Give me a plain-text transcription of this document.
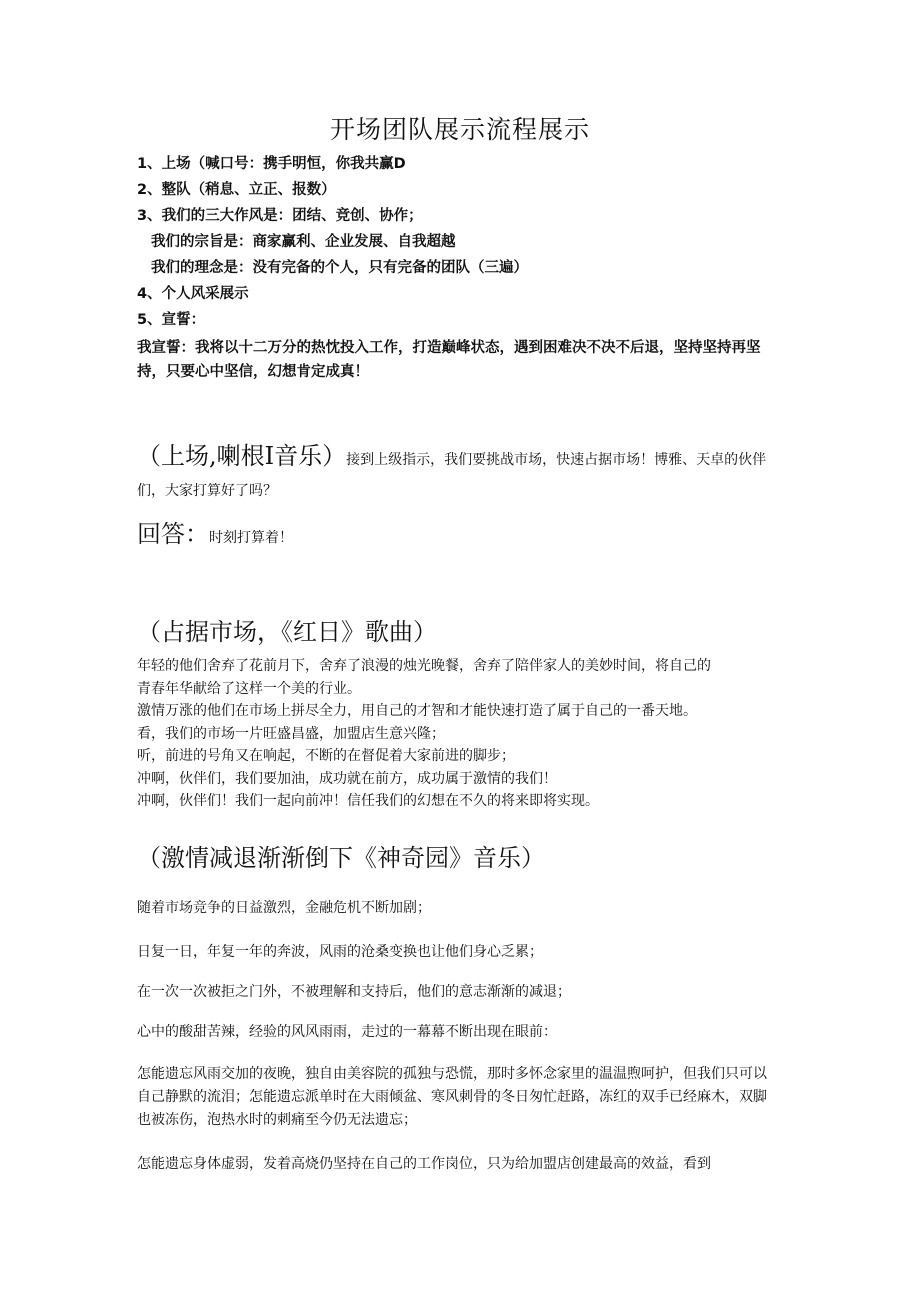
开场团队展示流程展示
1、上场（喊口号：携手明恒，你我共赢D
2、整队（稍息、立正、报数）
3、我们的三大作风是：团结、竞创、协作；
我们的宗旨是：商家赢利、企业发展、自我超越
我们的理念是：没有完备的个人，只有完备的团队（三遍）
4、个人风采展示
5、宣誓：
我宣誓：我将以十二万分的热忱投入工作，打造巅峰状态，遇到困难决不决不后退，坚持坚持再坚持，只要心中坚信，幻想肯定成真！
（上场,喇根Ⅰ音乐）接到上级指示，我们要挑战市场，快速占据市场！博雅、天卓的伙伴们，大家打算好了吗？
回答：时刻打算着！
（占据市场，《红日》歌曲）
年轻的他们舍弃了花前月下，舍弃了浪漫的烛光晚餐，舍弃了陪伴家人的美妙时间，将自己的
青春年华献给了这样一个美的行业。
激情万涨的他们在市场上拼尽全力，用自己的才智和才能快速打造了属于自己的一番天地。
看，我们的市场一片旺盛昌盛，加盟店生意兴隆；
听，前进的号角又在响起，不断的在督促着大家前进的脚步；
冲啊，伙伴们，我们要加油，成功就在前方，成功属于激情的我们！
冲啊，伙伴们！我们一起向前冲！信任我们的幻想在不久的将来即将实现。
（激情减退渐渐倒下《神奇园》音乐）
随着市场竞争的日益激烈，金融危机不断加剧；
日复一日，年复一年的奔波，风雨的沧桑变换也让他们身心乏累；
在一次一次被拒之门外，不被理解和支持后，他们的意志渐渐的减退；
心中的酸甜苦辣，经验的风风雨雨，走过的一幕幕不断出现在眼前：
怎能遗忘风雨交加的夜晚，独自由美容院的孤独与恐慌，那时多怀念家里的温温煦呵护，但我们只可以自己静默的流泪；怎能遗忘派单时在大雨倾盆、寒风刺骨的冬日匆忙赶路，冻红的双手已经麻木，双脚也被冻伤，泡热水时的刺痛至今仍无法遗忘；
怎能遗忘身体虚弱，发着高烧仍坚持在自己的工作岗位，只为给加盟店创建最高的效益，看到
